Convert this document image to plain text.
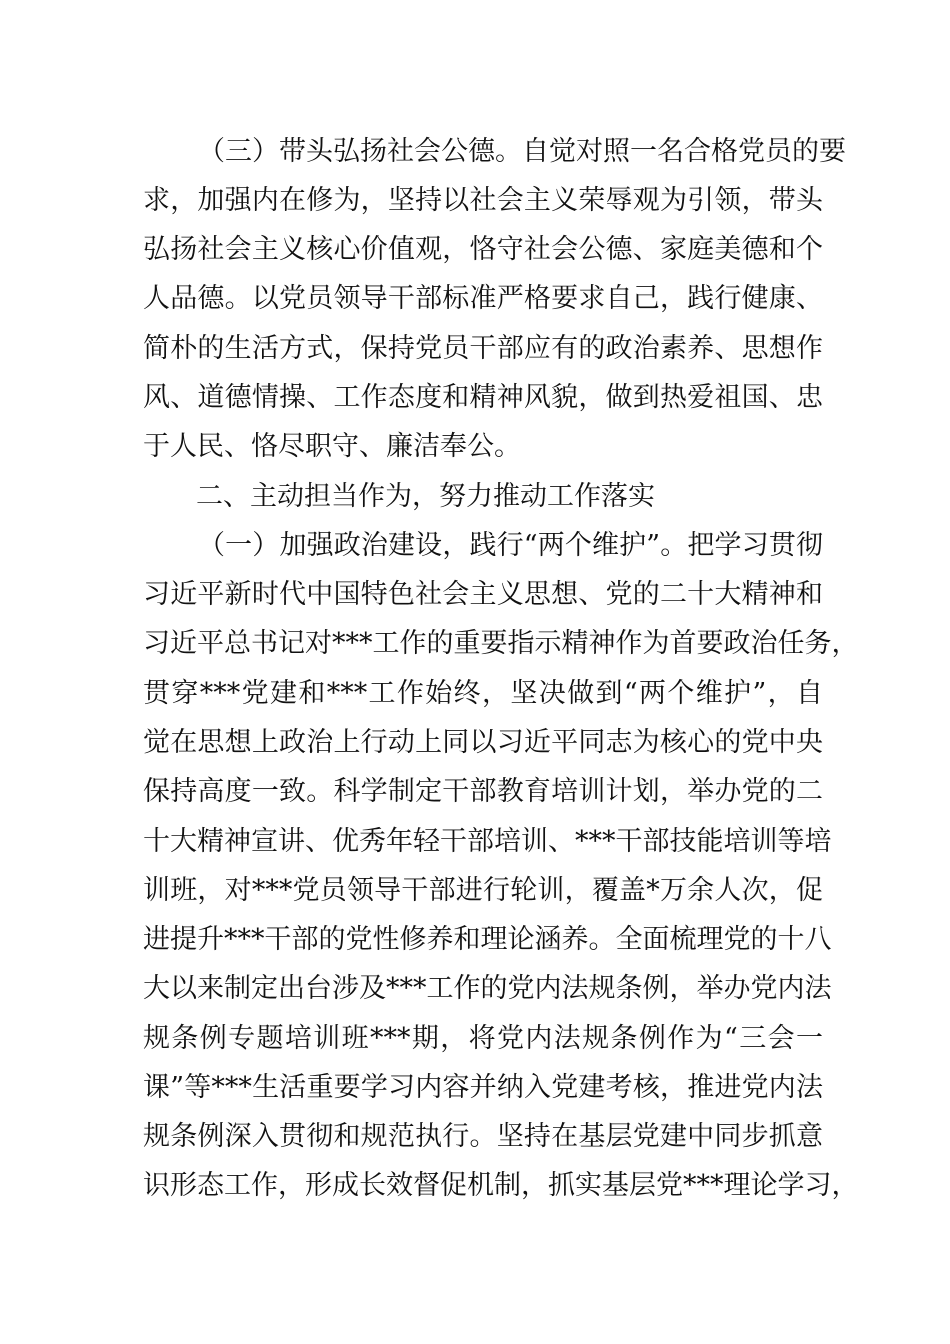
（三）带头弘扬社会公德。自觉对照一名合格党员的要
求，加强内在修为，坚持以社会主义荣辱观为引领，带头
弘扬社会主义核心价值观，恪守社会公德、家庭美德和个
人品德。以党员领导干部标准严格要求自己，践行健康、
简朴的生活方式，保持党员干部应有的政治素养、思想作
风、道德情操、工作态度和精神风貌，做到热爱祖国、忠
于人民、恪尽职守、廉洁奉公。
二、主动担当作为，努力推动工作落实
（一）加强政治建设，践行“两个维护”。把学习贯彻
习近平新时代中国特色社会主义思想、党的二十大精神和
习近平总书记对***工作的重要指示精神作为首要政治任务，
贯穿***党建和***工作始终，坚决做到“两个维护”，自
觉在思想上政治上行动上同以习近平同志为核心的党中央
保持高度一致。科学制定干部教育培训计划，举办党的二
十大精神宣讲、优秀年轻干部培训、***干部技能培训等培
训班，对***党员领导干部进行轮训，覆盖*万余人次，促
进提升***干部的党性修养和理论涵养。全面梳理党的十八
大以来制定出台涉及***工作的党内法规条例，举办党内法
规条例专题培训班***期，将党内法规条例作为“三会一
课”等***生活重要学习内容并纳入党建考核，推进党内法
规条例深入贯彻和规范执行。坚持在基层党建中同步抓意
识形态工作，形成长效督促机制，抓实基层党***理论学习，
